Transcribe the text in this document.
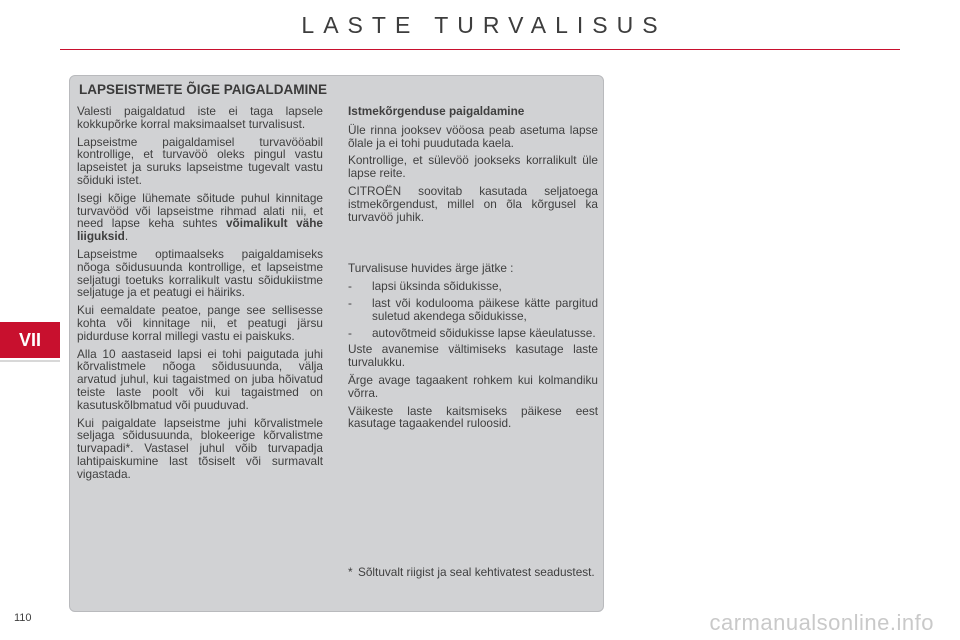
LASTE TURVALISUS
VII
LAPSEISTMETE ÕIGE PAIGALDAMINE

Valesti paigaldatud iste ei taga lapsele kokkupõrke korral maksimaalset turvalisust.

Lapseistme paigaldamisel turvavööabil kontrollige, et turvavöö oleks pingul vastu lapseistet ja suruks lapseistme tugevalt vastu sõiduki istet.

Isegi kõige lühemate sõitude puhul kinnitage turvavööd või lapseistme rihmad alati nii, et need lapse keha suhtes võimalikult vähe liiguksid.

Lapseistme optimaalseks paigaldamiseks nõoga sõidusuunda kontrollige, et lapseistme seljatugi toetuks korralikult vastu sõidukiistme seljatuge ja et peatugi ei häiriks.

Kui eemaldate peatoe, pange see sellisesse kohta või kinnitage nii, et peatugi järsu pidurduse korral millegi vastu ei paiskuks.

Alla 10 aastaseid lapsi ei tohi paigutada juhi kõrvalistmele nõoga sõidusuunda, välja arvatud juhul, kui tagaistmed on juba hõivatud teiste laste poolt või kui tagaistmed on kasutuskõlbmatud või puuduvad.

Kui paigaldate lapseistme juhi kõrvalistmele seljaga sõidusuunda, blokeerige kõrvalistme turvapadi*. Vastasel juhul võib turvapadja lahtipaiskumine last tõsiselt või surmavalt vigastada.

Istmekõrgenduse paigaldamine

Üle rinna jooksev vööosa peab asetuma lapse õlale ja ei tohi puudutada kaela.

Kontrollige, et sülevöö jookseks korralikult üle lapse reite.

CITROËN soovitab kasutada seljatoega istmekõrgendust, millel on õla kõrgusel ka turvavöö juhik.

Turvalisuse huvides ärge jätke :

-	lapsi üksinda sõidukisse,
-	last või koduloomа päikese kätte pargitud suletud akendega sõidukisse,
-	autovõtmeid sõidukisse lapse käeulatusse.

Uste avanemise vältimiseks kasutage laste turvalukku.

Ärge avage tagaakent rohkem kui kolmandiku võrra.

Väikeste laste kaitsmiseks päikese eest kasutage tagaakendel ruloosid.

* Sõltuvalt riigist ja seal kehtivatest seadustest.
110	carmanualsonline.info
